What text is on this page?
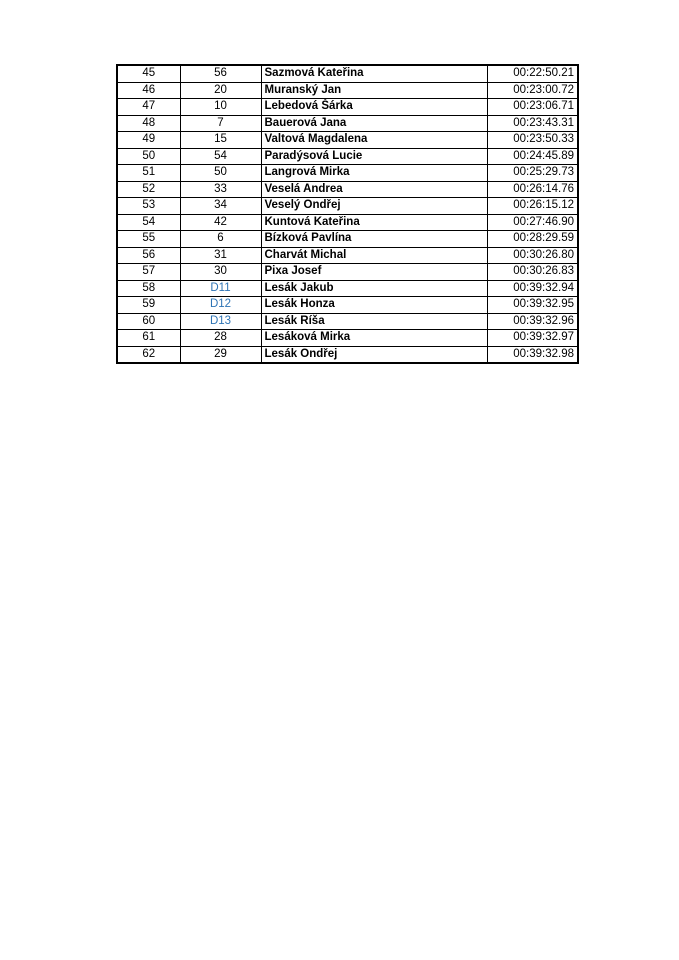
45	56	Sazmová Kateřina	00:22:50.21
46	20	Muranský Jan	00:23:00.72
47	10	Lebedová Šárka	00:23:06.71
48	7	Bauerová Jana	00:23:43.31
49	15	Valtová Magdalena	00:23:50.33
50	54	Paradýsová Lucie	00:24:45.89
51	50	Langrová Mirka	00:25:29.73
52	33	Veselá Andrea	00:26:14.76
53	34	Veselý Ondřej	00:26:15.12
54	42	Kuntová Kateřina	00:27:46.90
55	6	Bízková Pavlína	00:28:29.59
56	31	Charvát Michal	00:30:26.80
57	30	Pixa Josef	00:30:26.83
58	D11	Lesák Jakub	00:39:32.94
59	D12	Lesák Honza	00:39:32.95
60	D13	Lesák Ríša	00:39:32.96
61	28	Lesáková Mirka	00:39:32.97
62	29	Lesák Ondřej	00:39:32.98
